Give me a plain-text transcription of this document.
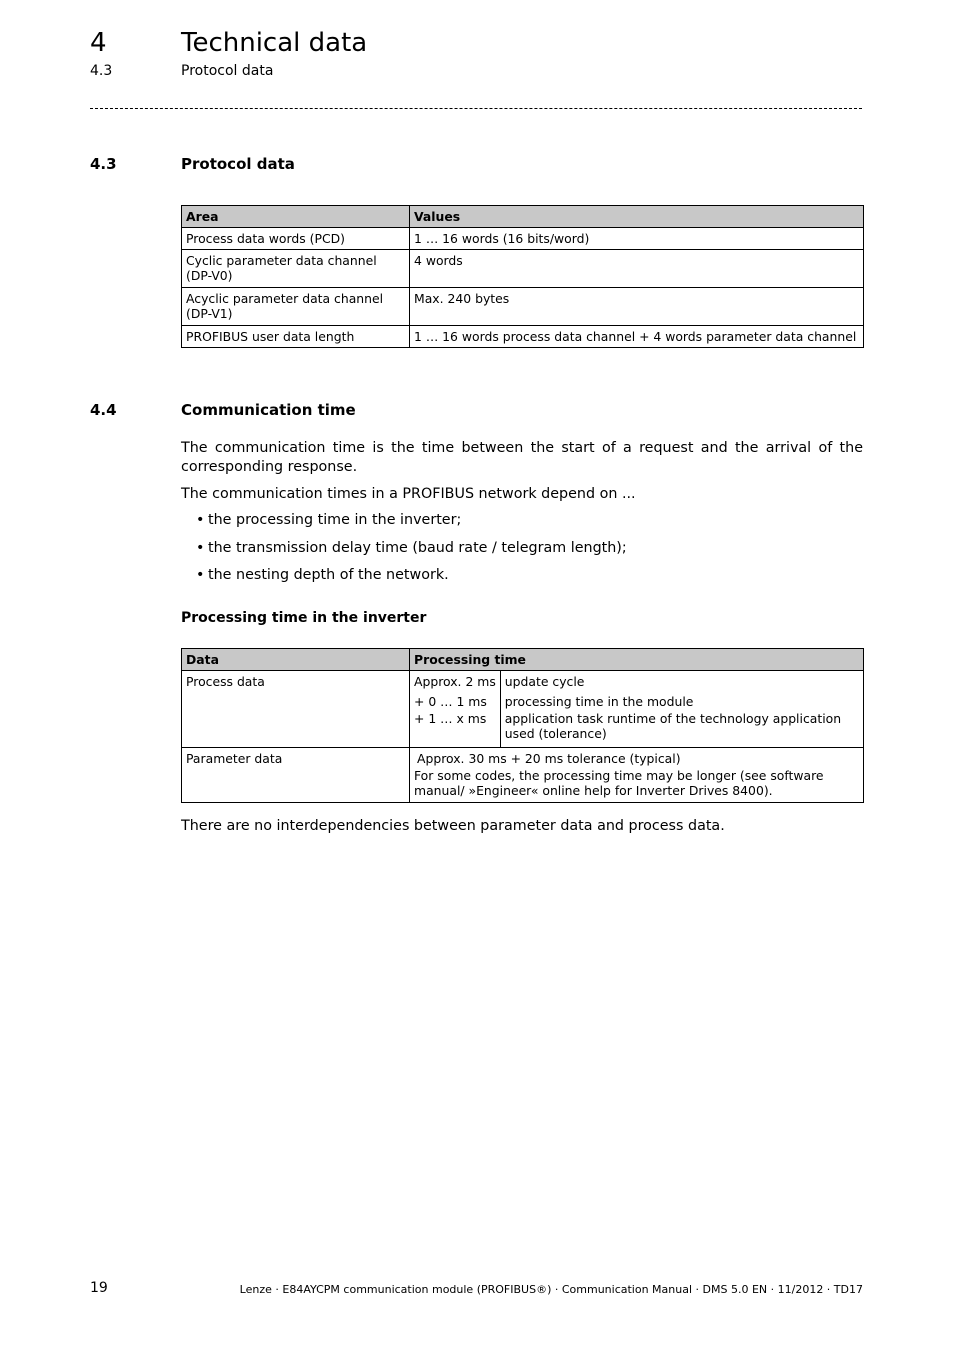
4	Technical data
4.3	Protocol data
4.3	Protocol data
Area	Values
Process data words (PCD)	1 … 16 words (16 bits/word)
Cyclic parameter data channel (DP-V0)	4 words
Acyclic parameter data channel (DP-V1)	Max. 240 bytes
PROFIBUS user data length	1 … 16 words process data channel + 4 words parameter data channel
4.4	Communication time
The communication time is the time between the start of a request and the arrival of the corresponding response.
The communication times in a PROFIBUS network depend on ...
• the processing time in the inverter;
• the transmission delay time (baud rate / telegram length);
• the nesting depth of the network.
Processing time in the inverter
Data	Processing time	
Process data	Approx. 2 ms	update cycle
	+ 0 … 1 ms	processing time in the module
	+ 1 … x ms	application task runtime of the technology application used (tolerance)
Parameter data	Approx. 30 ms + 20 ms tolerance (typical)
For some codes, the processing time may be longer (see software manual/ »Engineer« online help for Inverter Drives 8400).	
There are no interdependencies between parameter data and process data.
19	Lenze · E84AYCPM communication module (PROFIBUS®) · Communication Manual · DMS 5.0 EN · 11/2012 · TD17
